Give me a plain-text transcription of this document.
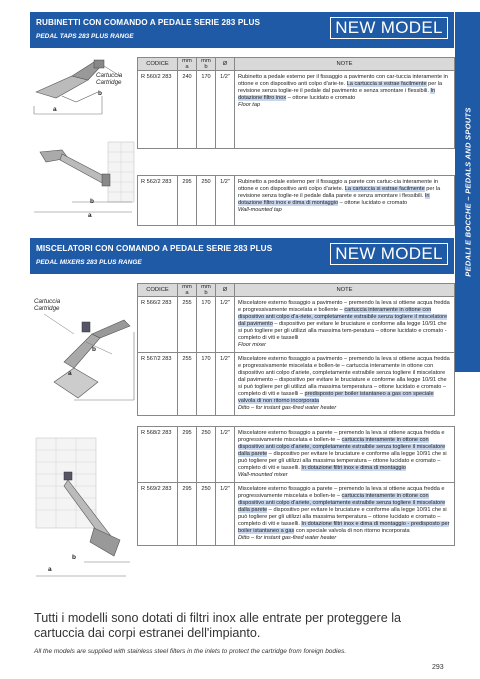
RUBINETTI CON COMANDO A PEDALE SERIE 283 PLUS
PEDAL TAPS 283 PLUS RANGE	NEW MODEL
PEDALI E BOCCHE – PEDALS AND SPOUTS
Cartuccia
Cartridge
b
a
b
a
CODICE	mm a	mm b	Ø	NOTE
R 560/2 283	240	170	1/2"	Rubinetto a pedale esterno per il fissaggio a pavimento con car-tuccia interamente in ottone e con dispositivo anti colpo d'arie-te. La cartuccia si estrae facilmente per la revisione senza toglie-re il pedale dal pavimento e senza smontare i flessibili. In dotazione filtro inox – ottone lucidato e cromato
Floor tap

R 562/2 283	295	250	1/2"	Rubinetto a pedale esterno per il fissaggio a parete con cartuc-cia interamente in ottone e con dispositivo anti colpo d'ariete. La cartuccia si estrae facilmente per la revisione senza toglie-re il pedale dalla parete e senza smontare i flessibili. In dotazione filtro inox e dima di montaggio – ottone lucidato e cromato
Wall-mounted tap
MISCELATORI CON COMANDO A PEDALE SERIE 283 PLUS
PEDAL MIXERS 283 PLUS RANGE	NEW MODEL
Cartuccia
Cartridge
b
a
b
a
CODICE	mm a	mm b	Ø	NOTE
R 566/2 283	255	170	1/2"	Miscelatore esterno fissaggio a pavimento – premendo la leva si ottiene acqua fredda e progressivamente miscelata e bollente – cartuccia interamente in ottone con dispositivo anti colpo d'a-riete, completamente estraibile senza togliere il miscelatore dal pavimento – dispositivo per evitare le bruciature e conforme alla legge 10/91 che si può togliere per gli utilizzi alla massima tem-peratura – ottone lucidato e cromato - completo di viti e tasselli
Floor mixer
R 567/2 283	255	170	1/2"	Miscelatore esterno fissaggio a pavimento – premendo la leva si ottiene acqua fredda e progressivamente miscelata e bollen-te – cartuccia interamente in ottone con dispositivo anti colpo d'ariete, completamente estraibile senza togliere il miscelatore dal pavimento – dispositivo per evitare le bruciature e conforme alla legge 10/91 che si può togliere per gli utilizzi alla massima temperatura – ottone lucidato e cromato – completo di viti e tasselli – predisposto per boiler istantaneo a gas con speciale valvola di non ritorno incorporata
Ditto – for instant gas-fired water heater

R 568/2 283	295	250	1/2"	Miscelatore esterno fissaggio a parete – premendo la leva si ottiene acqua fredda e progressivamente miscelata e bollen-te – cartuccia interamente in ottone con dispositivo anti colpo d'ariete, completamente estraibile senza togliere il miscelatore dalla parete – dispositivo per evitare le bruciature e conforme alla legge 10/91 che si può togliere per gli utilizzi alla massima temperatura – ottone lucidato e cromato – completo di viti e tasselli. In dotazione filtri inox e dima di montaggio
Wall-mounted mixer
R 569/2 283	295	250	1/2"	Miscelatore esterno fissaggio a parete – premendo la leva si ottiene acqua fredda e progressivamente miscelata e bollen-te – cartuccia interamente in ottone con dispositivo anti colpo d'ariete, completamente estraibile senza togliere il miscelatore dalla parete – dispositivo per evitare le bruciature e conforme alla legge 10/91 che si può togliere per gli utilizzi alla massima temperatura – ottone lucidato e cromato – completo di viti e tasselli. In dotazione filtri inox e dima di montaggio - predisposto per boiler istantaneo a gas con speciale valvola di non ritorno incorporata
Ditto – for instant gas-fired water heater
Tutti i modelli sono dotati di filtri inox alle entrate per proteggere la cartuccia dai corpi estranei dell'impianto.
All the models are supplied with stainless steel filters in the inlets to protect the cartridge from foreign bodies.
293
